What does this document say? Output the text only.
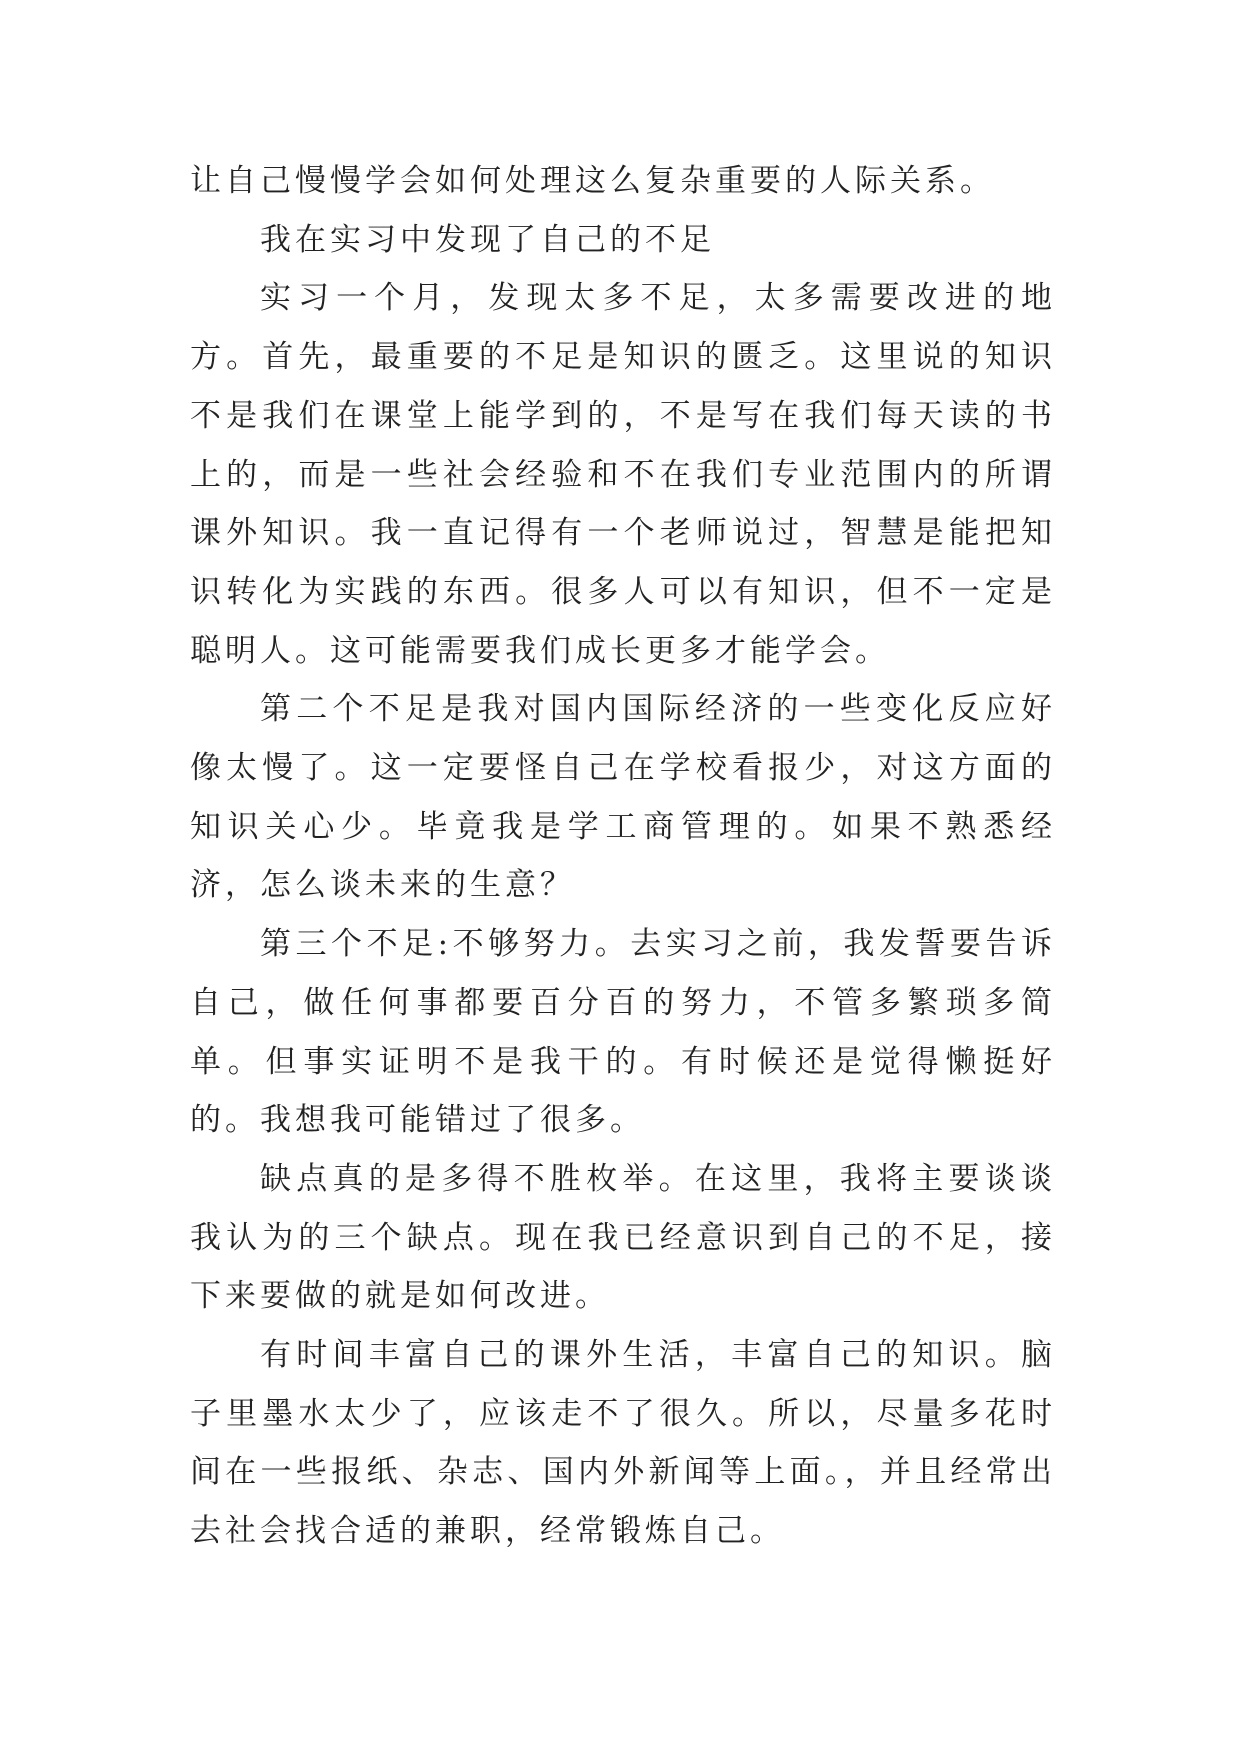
让自己慢慢学会如何处理这么复杂重要的人际关系。

我在实习中发现了自己的不足

实习一个月，发现太多不足，太多需要改进的地方。首先，最重要的不足是知识的匮乏。这里说的知识不是我们在课堂上能学到的，不是写在我们每天读的书上的，而是一些社会经验和不在我们专业范围内的所谓课外知识。我一直记得有一个老师说过，智慧是能把知识转化为实践的东西。很多人可以有知识，但不一定是聪明人。这可能需要我们成长更多才能学会。

第二个不足是我对国内国际经济的一些变化反应好像太慢了。这一定要怪自己在学校看报少，对这方面的知识关心少。毕竟我是学工商管理的。如果不熟悉经济，怎么谈未来的生意？

第三个不足:不够努力。去实习之前，我发誓要告诉自己，做任何事都要百分百的努力，不管多繁琐多简单。但事实证明不是我干的。有时候还是觉得懒挺好的。我想我可能错过了很多。

缺点真的是多得不胜枚举。在这里，我将主要谈谈我认为的三个缺点。现在我已经意识到自己的不足，接下来要做的就是如何改进。

有时间丰富自己的课外生活，丰富自己的知识。脑子里墨水太少了，应该走不了很久。所以，尽量多花时间在一些报纸、杂志、国内外新闻等上面。，并且经常出去社会找合适的兼职，经常锻炼自己。
